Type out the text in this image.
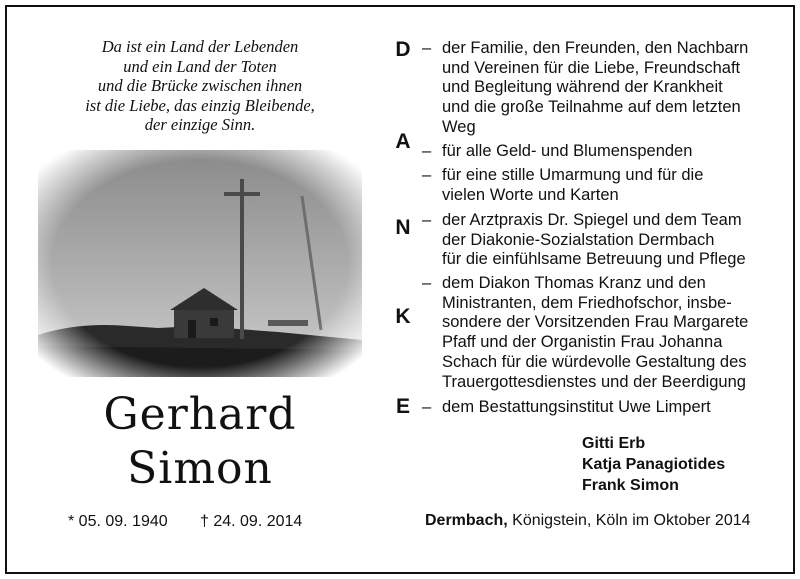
Da ist ein Land der Lebenden
und ein Land der Toten
und die Brücke zwischen ihnen
ist die Liebe, das einzig Bleibende,
der einzige Sinn.
Gerhard
Simon
* 05. 09. 1940 † 24. 09. 2014
D
A
N
K
E
– der Familie, den Freunden, den Nachbarn
und Vereinen für die Liebe, Freundschaft
und Begleitung während der Krankheit
und die große Teilnahme auf dem letzten
Weg
– für alle Geld- und Blumenspenden
– für eine stille Umarmung und für die
vielen Worte und Karten
– der Arztpraxis Dr. Spiegel und dem Team
der Diakonie-Sozialstation Dermbach
für die einfühlsame Betreuung und Pflege
– dem Diakon Thomas Kranz und den
Ministranten, dem Friedhofschor, insbe-
sondere der Vorsitzenden Frau Margarete
Pfaff und der Organistin Frau Johanna
Schach für die würdevolle Gestaltung des
Trauergottesdienstes und der Beerdigung
– dem Bestattungsinstitut Uwe Limpert
Gitti Erb
Katja Panagiotides
Frank Simon
Dermbach, Königstein, Köln im Oktober 2014
